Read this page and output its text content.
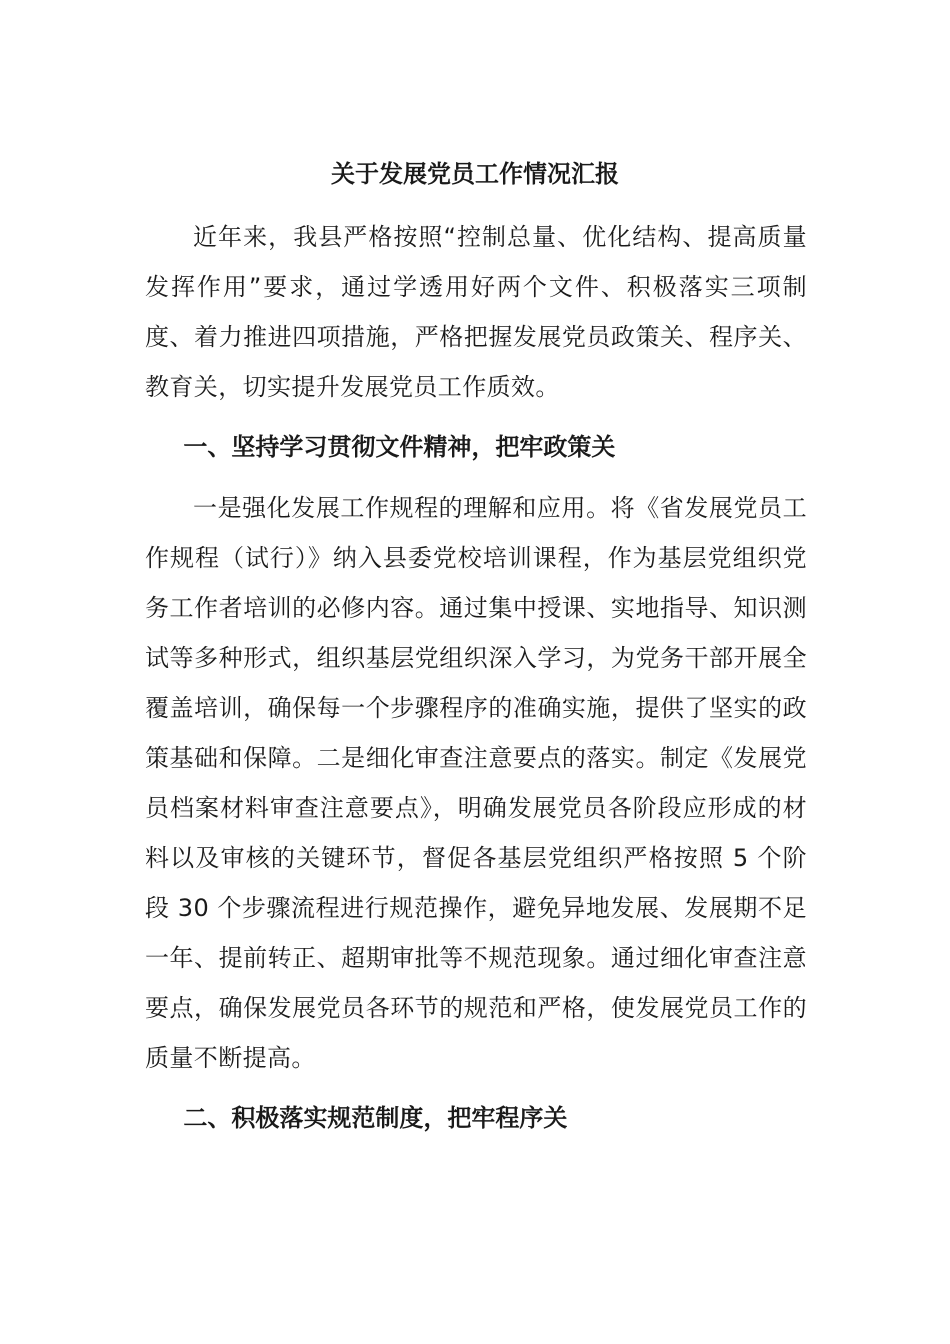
关于发展党员工作情况汇报

近年来，我县严格按照“控制总量、优化结构、提高质量发挥作用”要求，通过学透用好两个文件、积极落实三项制度、着力推进四项措施，严格把握发展党员政策关、程序关、教育关，切实提升发展党员工作质效。

一、坚持学习贯彻文件精神，把牢政策关

一是强化发展工作规程的理解和应用。将《省发展党员工作规程（试行）》纳入县委党校培训课程，作为基层党组织党务工作者培训的必修内容。通过集中授课、实地指导、知识测试等多种形式，组织基层党组织深入学习，为党务干部开展全覆盖培训，确保每一个步骤程序的准确实施，提供了坚实的政策基础和保障。二是细化审查注意要点的落实。制定《发展党员档案材料审查注意要点》，明确发展党员各阶段应形成的材料以及审核的关键环节，督促各基层党组织严格按照 5 个阶段 30 个步骤流程进行规范操作，避免异地发展、发展期不足一年、提前转正、超期审批等不规范现象。通过细化审查注意要点，确保发展党员各环节的规范和严格，使发展党员工作的质量不断提高。

二、积极落实规范制度，把牢程序关
